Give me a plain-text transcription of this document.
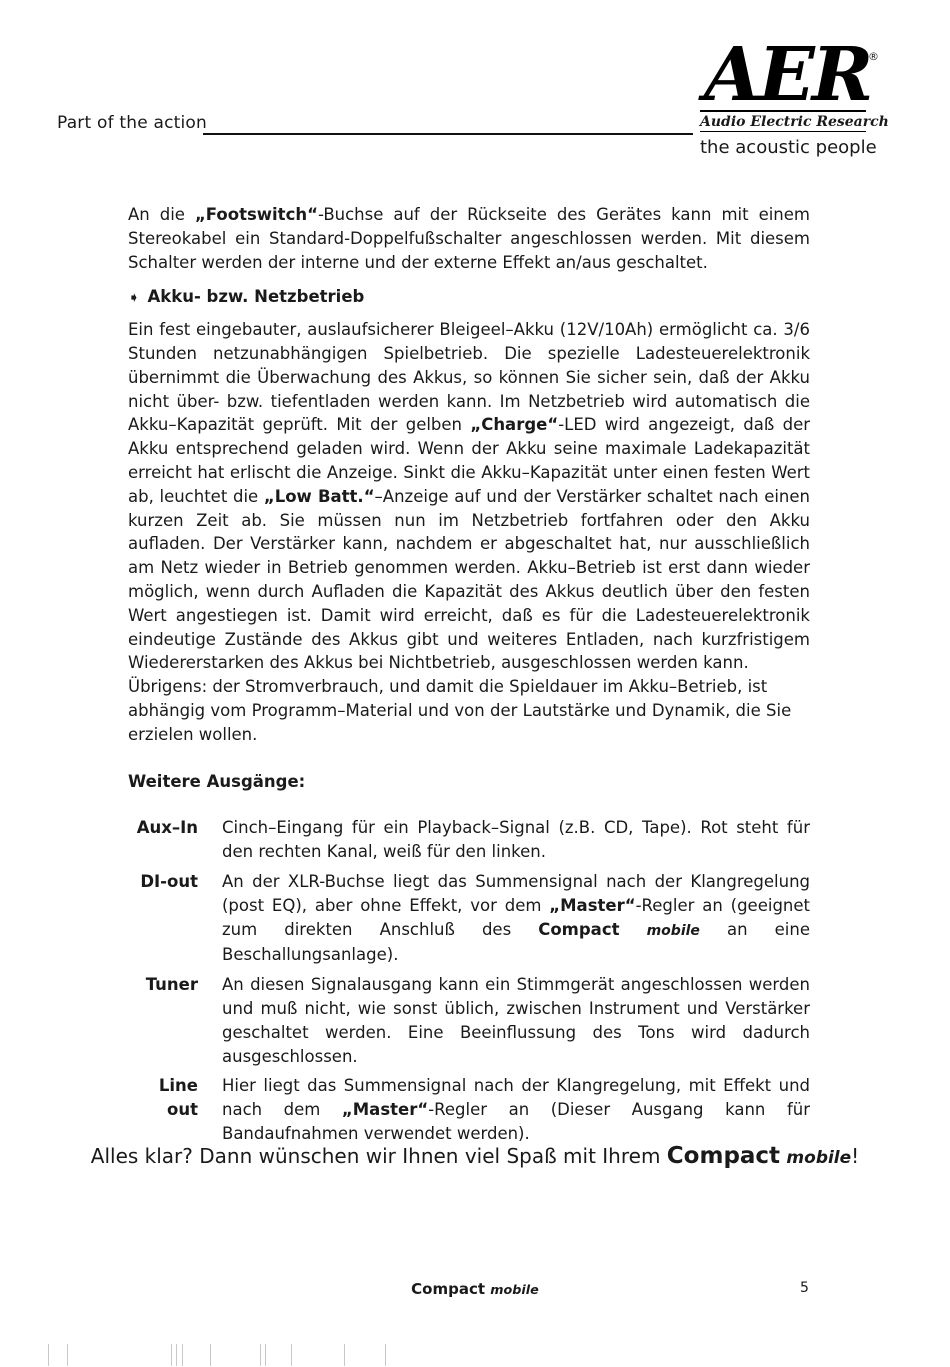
Part of the action
AER
®
Audio Electric Research
the acoustic people

An die „Footswitch“-Buchse auf der Rückseite des Gerätes kann mit einem Stereokabel ein Standard-Doppelfußschalter angeschlossen werden. Mit diesem Schalter werden der interne und der externe Effekt an/aus geschaltet.

➧ Akku- bzw. Netzbetrieb

Ein fest eingebauter, auslaufsicherer Bleigeel–Akku (12V/10Ah) ermöglicht ca. 3/6 Stunden netzunabhängigen Spielbetrieb. Die spezielle Ladesteuerelektronik übernimmt die Überwachung des Akkus, so können Sie sicher sein, daß der Akku nicht über- bzw. tiefentladen werden kann. Im Netzbetrieb wird automatisch die Akku–Kapazität geprüft. Mit der gelben „Charge“-LED wird angezeigt, daß der Akku entsprechend geladen wird. Wenn der Akku seine maximale Ladekapazität erreicht hat erlischt die Anzeige. Sinkt die Akku–Kapazität unter einen festen Wert ab, leuchtet die „Low Batt.“–Anzeige auf und der Verstärker schaltet nach einen kurzen Zeit ab. Sie müssen nun im Netzbetrieb fortfahren oder den Akku aufladen. Der Verstärker kann, nachdem er abgeschaltet hat, nur ausschließlich am Netz wieder in Betrieb genommen werden. Akku–Betrieb ist erst dann wieder möglich, wenn durch Aufladen die Kapazität des Akkus deutlich über den festen Wert angestiegen ist. Damit wird erreicht, daß es für die Ladesteuerelektronik eindeutige Zustände des Akkus gibt und weiteres Entladen, nach kurzfristigem Wiedererstarken des Akkus bei Nichtbetrieb, ausgeschlossen werden kann.

Übrigens: der Stromverbrauch, und damit die Spieldauer im Akku–Betrieb, ist abhängig vom Programm–Material und von der Lautstärke und Dynamik, die Sie erzielen wollen.

Weitere Ausgänge:
Aux–In Cinch–Eingang für ein Playback–Signal (z.B. CD, Tape). Rot steht für den rechten Kanal, weiß für den linken.
DI-out An der XLR-Buchse liegt das Summensignal nach der Klangregelung (post EQ), aber ohne Effekt, vor dem „Master“-Regler an (geeignet zum direkten Anschluß des Compact mobile an eine Beschallungsanlage).
Tuner An diesen Signalausgang kann ein Stimmgerät angeschlossen werden und muß nicht, wie sonst üblich, zwischen Instrument und Verstärker geschaltet werden. Eine Beeinflussung des Tons wird dadurch ausgeschlossen.
Line out
Hier liegt das Summensignal nach der Klangregelung, mit Effekt und nach dem „Master“-Regler an (Dieser Ausgang kann für Bandaufnahmen verwendet werden).
Alles klar? Dann wünschen wir Ihnen viel Spaß mit Ihrem Compact mobile!
Compact mobile	5
